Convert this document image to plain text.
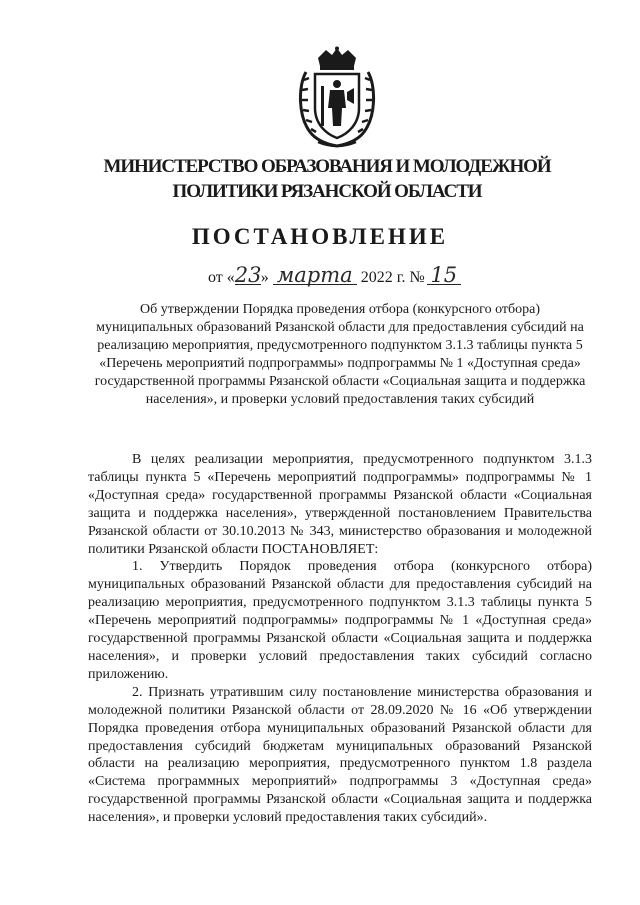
МИНИСТЕРСТВО ОБРАЗОВАНИЯ И МОЛОДЕЖНОЙ ПОЛИТИКИ РЯЗАНСКОЙ ОБЛАСТИ
ПОСТАНОВЛЕНИЕ
от «23» марта 2022 г. № 15
Об утверждении Порядка проведения отбора (конкурсного отбора) муниципальных образований Рязанской области для предоставления субсидий на реализацию мероприятия, предусмотренного подпунктом 3.1.3 таблицы пункта 5 «Перечень мероприятий подпрограммы» подпрограммы № 1 «Доступная среда» государственной программы Рязанской области «Социальная защита и поддержка населения», и проверки условий предоставления таких субсидий

В целях реализации мероприятия, предусмотренного подпунктом 3.1.3 таблицы пункта 5 «Перечень мероприятий подпрограммы» подпрограммы № 1 «Доступная среда» государственной программы Рязанской области «Социальная защита и поддержка населения», утвержденной постановлением Правительства Рязанской области от 30.10.2013 № 343, министерство образования и молодежной политики Рязанской области ПОСТАНОВЛЯЕТ:

1. Утвердить Порядок проведения отбора (конкурсного отбора) муниципальных образований Рязанской области для предоставления субсидий на реализацию мероприятия, предусмотренного подпунктом 3.1.3 таблицы пункта 5 «Перечень мероприятий подпрограммы» подпрограммы № 1 «Доступная среда» государственной программы Рязанской области «Социальная защита и поддержка населения», и проверки условий предоставления таких субсидий согласно приложению.

2. Признать утратившим силу постановление министерства образования и молодежной политики Рязанской области от 28.09.2020 № 16 «Об утверждении Порядка проведения отбора муниципальных образований Рязанской области для предоставления субсидий бюджетам муниципальных образований Рязанской области на реализацию мероприятия, предусмотренного пунктом 1.8 раздела «Система программных мероприятий» подпрограммы 3 «Доступная среда» государственной программы Рязанской области «Социальная защита и поддержка населения», и проверки условий предоставления таких субсидий».
